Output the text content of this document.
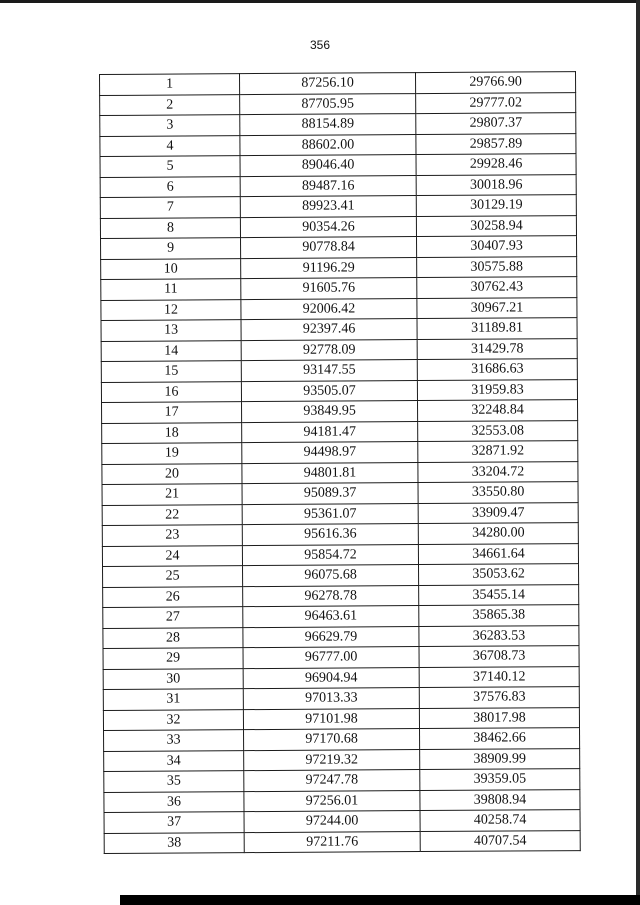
356
1	87256.10	29766.90
2	87705.95	29777.02
3	88154.89	29807.37
4	88602.00	29857.89
5	89046.40	29928.46
6	89487.16	30018.96
7	89923.41	30129.19
8	90354.26	30258.94
9	90778.84	30407.93
10	91196.29	30575.88
11	91605.76	30762.43
12	92006.42	30967.21
13	92397.46	31189.81
14	92778.09	31429.78
15	93147.55	31686.63
16	93505.07	31959.83
17	93849.95	32248.84
18	94181.47	32553.08
19	94498.97	32871.92
20	94801.81	33204.72
21	95089.37	33550.80
22	95361.07	33909.47
23	95616.36	34280.00
24	95854.72	34661.64
25	96075.68	35053.62
26	96278.78	35455.14
27	96463.61	35865.38
28	96629.79	36283.53
29	96777.00	36708.73
30	96904.94	37140.12
31	97013.33	37576.83
32	97101.98	38017.98
33	97170.68	38462.66
34	97219.32	38909.99
35	97247.78	39359.05
36	97256.01	39808.94
37	97244.00	40258.74
38	97211.76	40707.54
